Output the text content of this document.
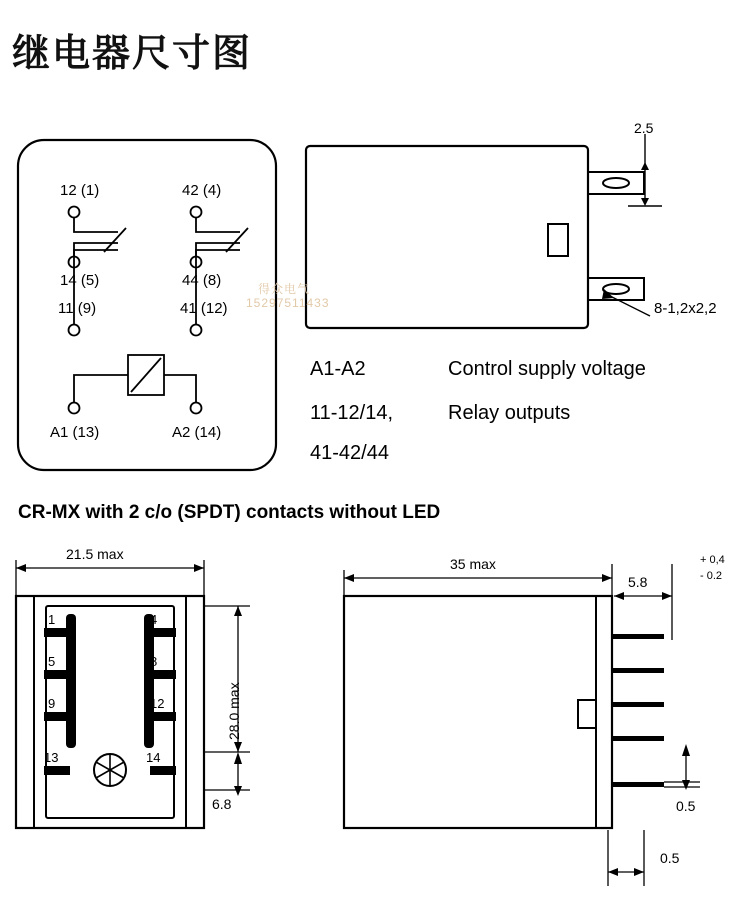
继电器尺寸图
12 (1)	42 (4)
14 (5)	44 (8)
11 (9)	41 (12)
A1 (13)	A2 (14)
得众电气
15297511433
A1-A2	Control supply voltage
11-12/14,	Relay outputs
41-42/44
2.5
8-1,2x2,2
CR-MX with 2 c/o (SPDT) contacts without LED
21.5 max
28.0 max
6.8
1	4
5	8
9	12
13	14
35 max
5.8
+ 0,4
- 0.2
0.5
0.5
